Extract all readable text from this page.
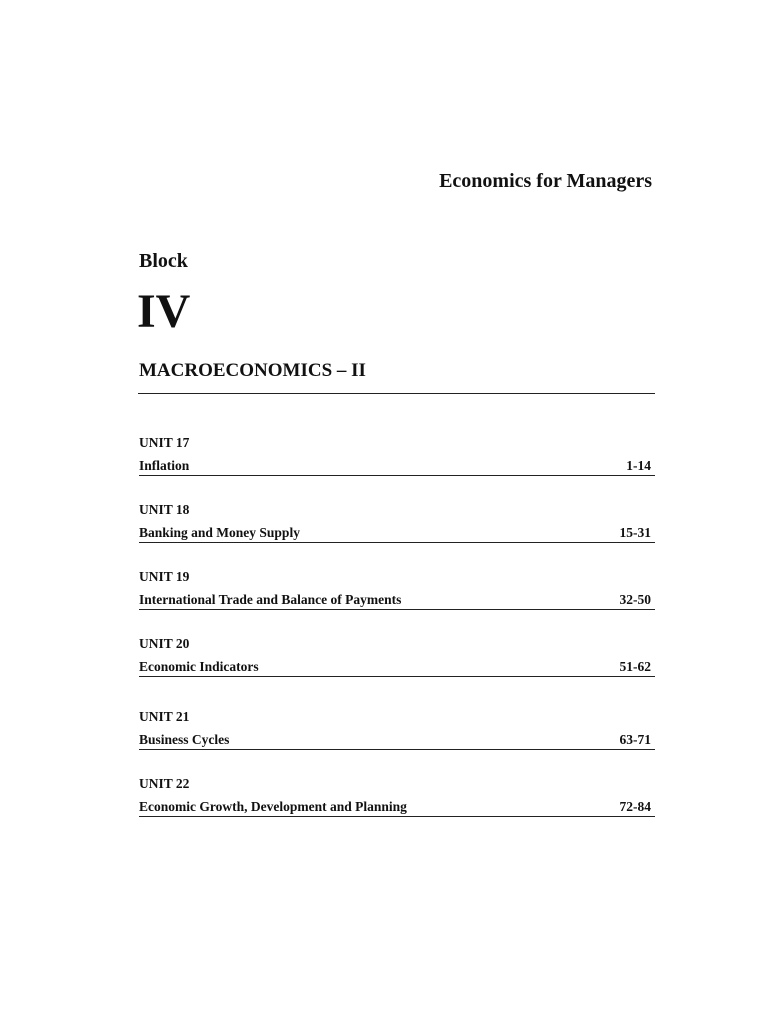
Economics for Managers
Block
IV
MACROECONOMICS – II
UNIT 17
Inflation	1-14
UNIT 18
Banking and Money Supply	15-31
UNIT 19
International Trade and Balance of Payments	32-50
UNIT 20
Economic Indicators	51-62
UNIT 21
Business Cycles	63-71
UNIT 22
Economic Growth, Development and Planning	72-84
